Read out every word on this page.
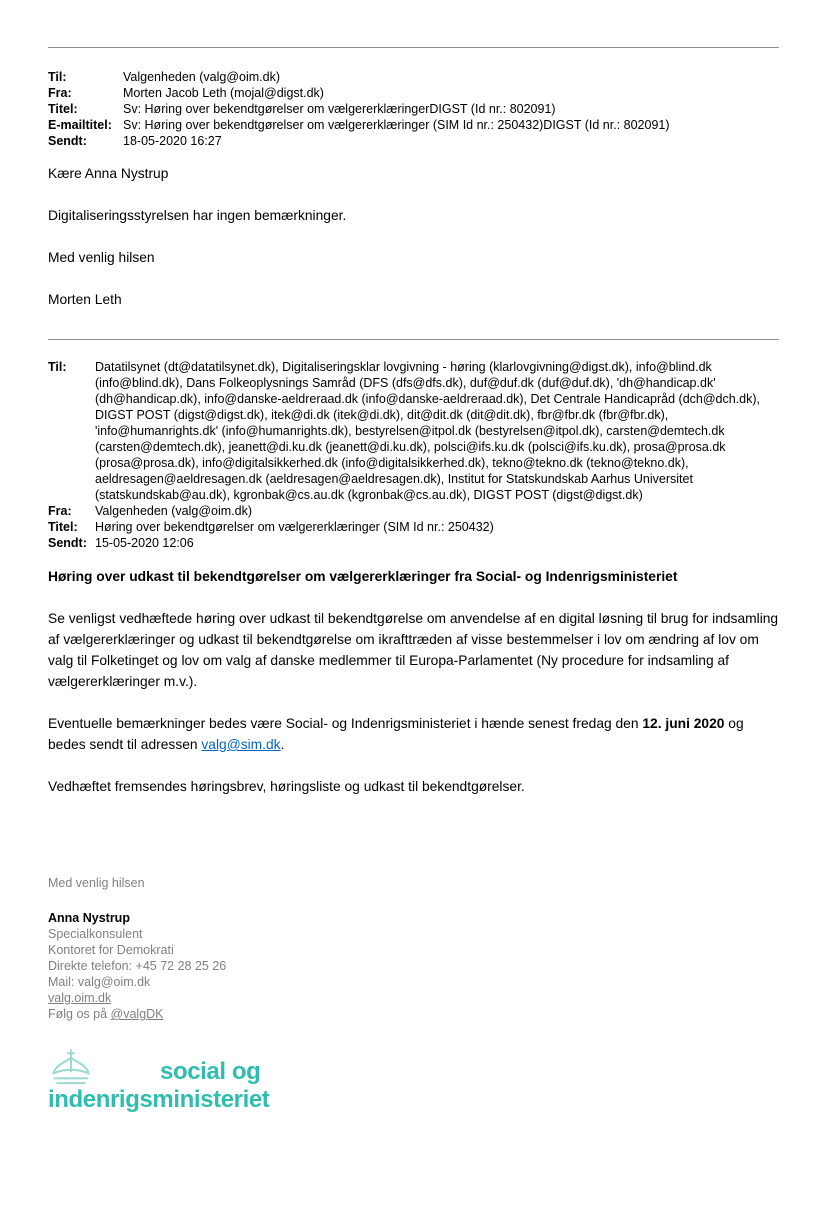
Til:	Valgenheden (valg@oim.dk)
Fra:	Morten Jacob Leth (mojal@digst.dk)
Titel:	Sv: Høring over bekendtgørelser om vælgererklæringerDIGST (Id nr.: 802091)
E-mailtitel: Sv: Høring over bekendtgørelser om vælgererklæringer (SIM Id nr.: 250432)DIGST (Id nr.: 802091)
Sendt:	18-05-2020 16:27

Kære Anna Nystrup

Digitaliseringsstyrelsen har ingen bemærkninger.

Med venlig hilsen

Morten Leth

Til:	Datatilsynet (dt@datatilsynet.dk), Digitaliseringsklar lovgivning - høring (klarlovgivning@digst.dk), info@blind.dk (info@blind.dk), Dans Folkeoplysnings Samråd (DFS (dfs@dfs.dk), duf@duf.dk (duf@duf.dk), 'dh@handicap.dk' (dh@handicap.dk), info@danske-aeldreraad.dk (info@danske-aeldreraad.dk), Det Centrale Handicapråd (dch@dch.dk), DIGST POST (digst@digst.dk), itek@di.dk (itek@di.dk), dit@dit.dk (dit@dit.dk), fbr@fbr.dk (fbr@fbr.dk), 'info@humanrights.dk' (info@humanrights.dk), bestyrelsen@itpol.dk (bestyrelsen@itpol.dk), carsten@demtech.dk (carsten@demtech.dk), jeanett@di.ku.dk (jeanett@di.ku.dk), polsci@ifs.ku.dk (polsci@ifs.ku.dk), prosa@prosa.dk (prosa@prosa.dk), info@digitalsikkerhed.dk (info@digitalsikkerhed.dk), tekno@tekno.dk (tekno@tekno.dk), aeldresagen@aeldresagen.dk (aeldresagen@aeldresagen.dk), Institut for Statskundskab Aarhus Universitet (statskundskab@au.dk), kgronbak@cs.au.dk (kgronbak@cs.au.dk), DIGST POST (digst@digst.dk)
Fra:	Valgenheden (valg@oim.dk)
Titel:	Høring over bekendtgørelser om vælgererklæringer (SIM Id nr.: 250432)
Sendt: 15-05-2020 12:06

Høring over udkast til bekendtgørelser om vælgererklæringer fra Social- og Indenrigsministeriet

Se venligst vedhæftede høring over udkast til bekendtgørelse om anvendelse af en digital løsning til brug for indsamling af vælgererklæringer og udkast til bekendtgørelse om ikrafttræden af visse bestemmelser i lov om ændring af lov om valg til Folketinget og lov om valg af danske medlemmer til Europa-Parlamentet (Ny procedure for indsamling af vælgererklæringer m.v.).

Eventuelle bemærkninger bedes være Social- og Indenrigsministeriet i hænde senest fredag den 12. juni 2020 og bedes sendt til adressen valg@sim.dk.

Vedhæftet fremsendes høringsbrev, høringsliste og udkast til bekendtgørelser.

Med venlig hilsen
Anna Nystrup
Specialkonsulent
Kontoret for Demokrati
Direkte telefon: +45 72 28 25 26
Mail: valg@oim.dk
valg.oim.dk
Følg os på @valgDK
social og
indenrigsministeriet
